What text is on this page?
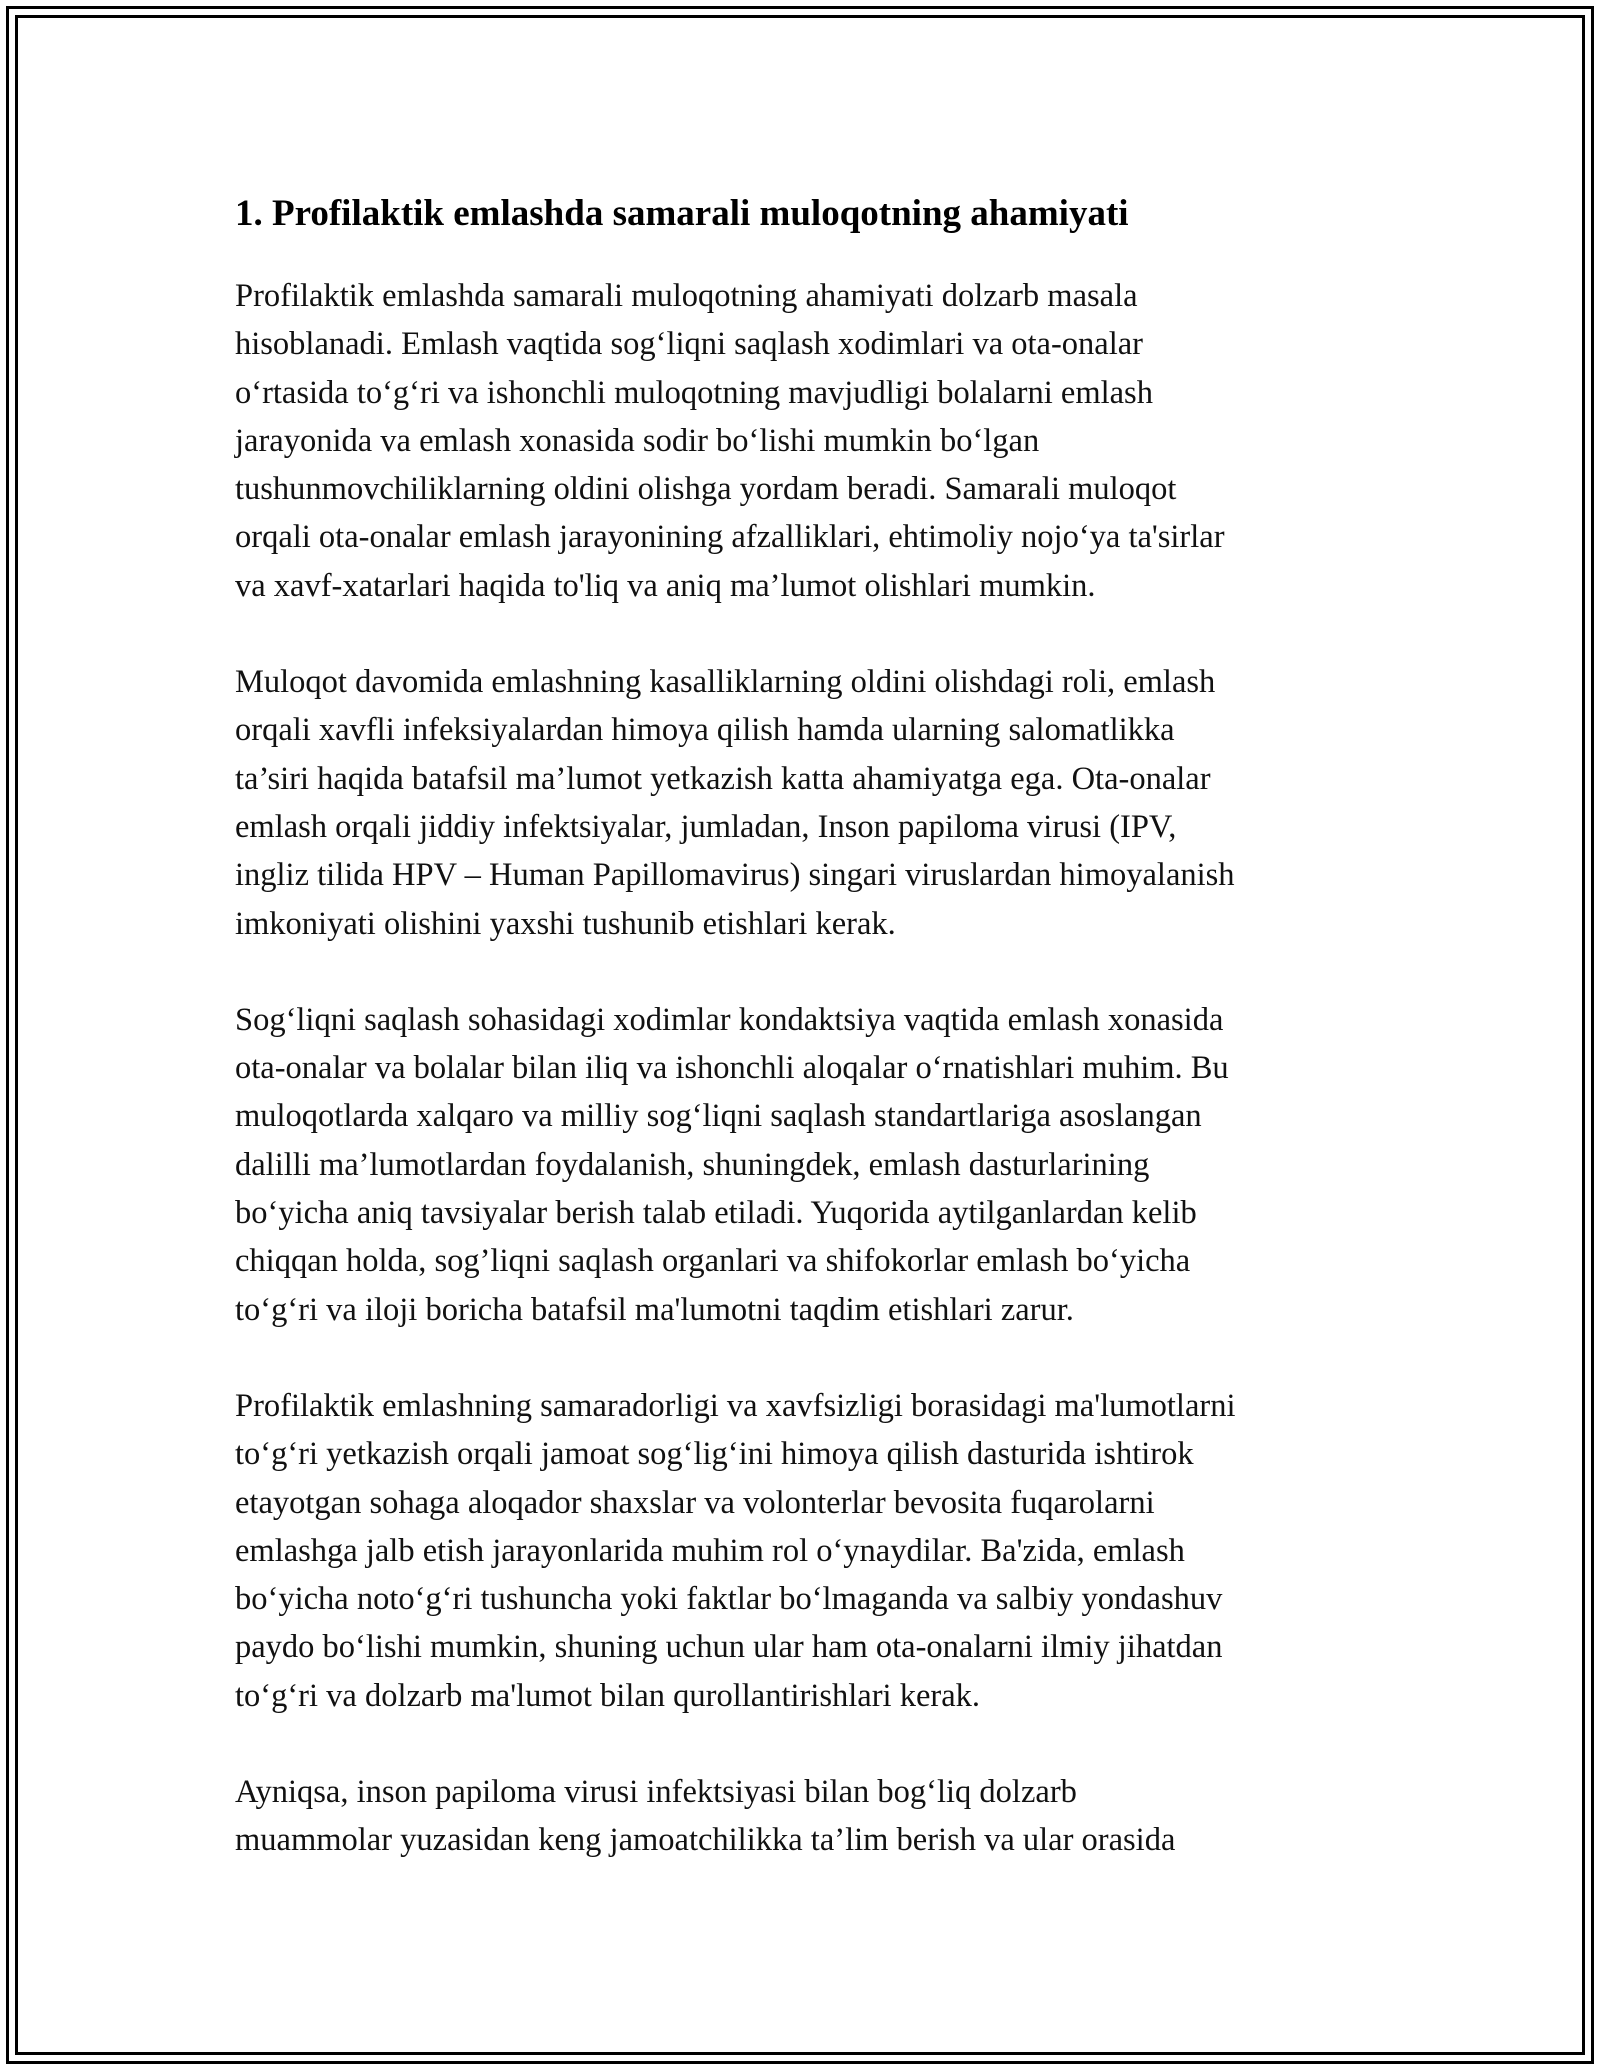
1. Profilaktik emlashda samarali muloqotning ahamiyati
Profilaktik emlashda samarali muloqotning ahamiyati dolzarb masala
hisoblanadi. Emlash vaqtida sog‘liqni saqlash xodimlari va ota-onalar
o‘rtasida to‘g‘ri va ishonchli muloqotning mavjudligi bolalarni emlash
jarayonida va emlash xonasida sodir bo‘lishi mumkin bo‘lgan
tushunmovchiliklarning oldini olishga yordam beradi. Samarali muloqot
orqali ota-onalar emlash jarayonining afzalliklari, ehtimoliy nojo‘ya ta'sirlar
va xavf-xatarlari haqida to'liq va aniq ma’lumot olishlari mumkin.
Muloqot davomida emlashning kasalliklarning oldini olishdagi roli, emlash
orqali xavfli infeksiyalardan himoya qilish hamda ularning salomatlikka
ta’siri haqida batafsil ma’lumot yetkazish katta ahamiyatga ega. Ota-onalar
emlash orqali jiddiy infektsiyalar, jumladan, Inson papiloma virusi (IPV,
ingliz tilida HPV – Human Papillomavirus) singari viruslardan himoyalanish
imkoniyati olishini yaxshi tushunib etishlari kerak.
Sog‘liqni saqlash sohasidagi xodimlar kondaktsiya vaqtida emlash xonasida
ota-onalar va bolalar bilan iliq va ishonchli aloqalar o‘rnatishlari muhim. Bu
muloqotlarda xalqaro va milliy sog‘liqni saqlash standartlariga asoslangan
dalilli ma’lumotlardan foydalanish, shuningdek, emlash dasturlarining
bo‘yicha aniq tavsiyalar berish talab etiladi. Yuqorida aytilganlardan kelib
chiqqan holda, sog’liqni saqlash organlari va shifokorlar emlash bo‘yicha
to‘g‘ri va iloji boricha batafsil ma'lumotni taqdim etishlari zarur.
Profilaktik emlashning samaradorligi va xavfsizligi borasidagi ma'lumotlarni
to‘g‘ri yetkazish orqali jamoat sog‘lig‘ini himoya qilish dasturida ishtirok
etayotgan sohaga aloqador shaxslar va volonterlar bevosita fuqarolarni
emlashga jalb etish jarayonlarida muhim rol o‘ynaydilar. Ba'zida, emlash
bo‘yicha noto‘g‘ri tushuncha yoki faktlar bo‘lmaganda va salbiy yondashuv
paydo bo‘lishi mumkin, shuning uchun ular ham ota-onalarni ilmiy jihatdan
to‘g‘ri va dolzarb ma'lumot bilan qurollantirishlari kerak.
Ayniqsa, inson papiloma virusi infektsiyasi bilan bog‘liq dolzarb
muammolar yuzasidan keng jamoatchilikka ta’lim berish va ular orasida
